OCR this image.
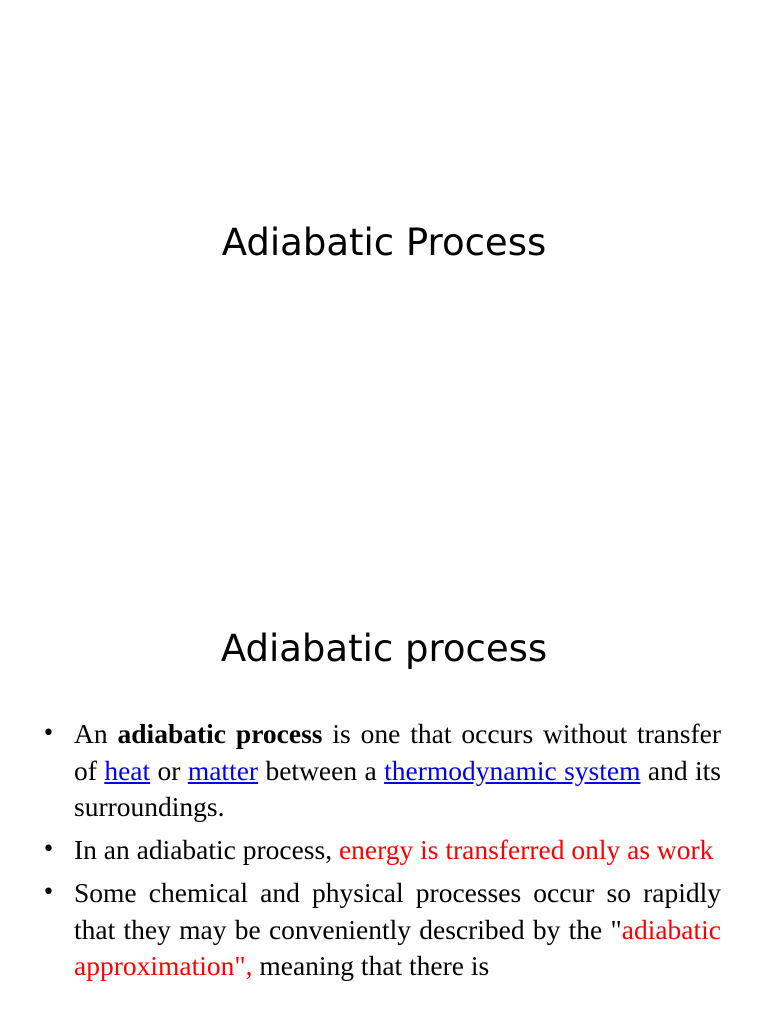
Adiabatic Process
Adiabatic process
• An adiabatic process is one that occurs without transfer of heat or matter between a thermodynamic system and its surroundings.
• In an adiabatic process, energy is transferred only as work
• Some chemical and physical processes occur so rapidly that they may be conveniently described by the "adiabatic approximation", meaning that there is
